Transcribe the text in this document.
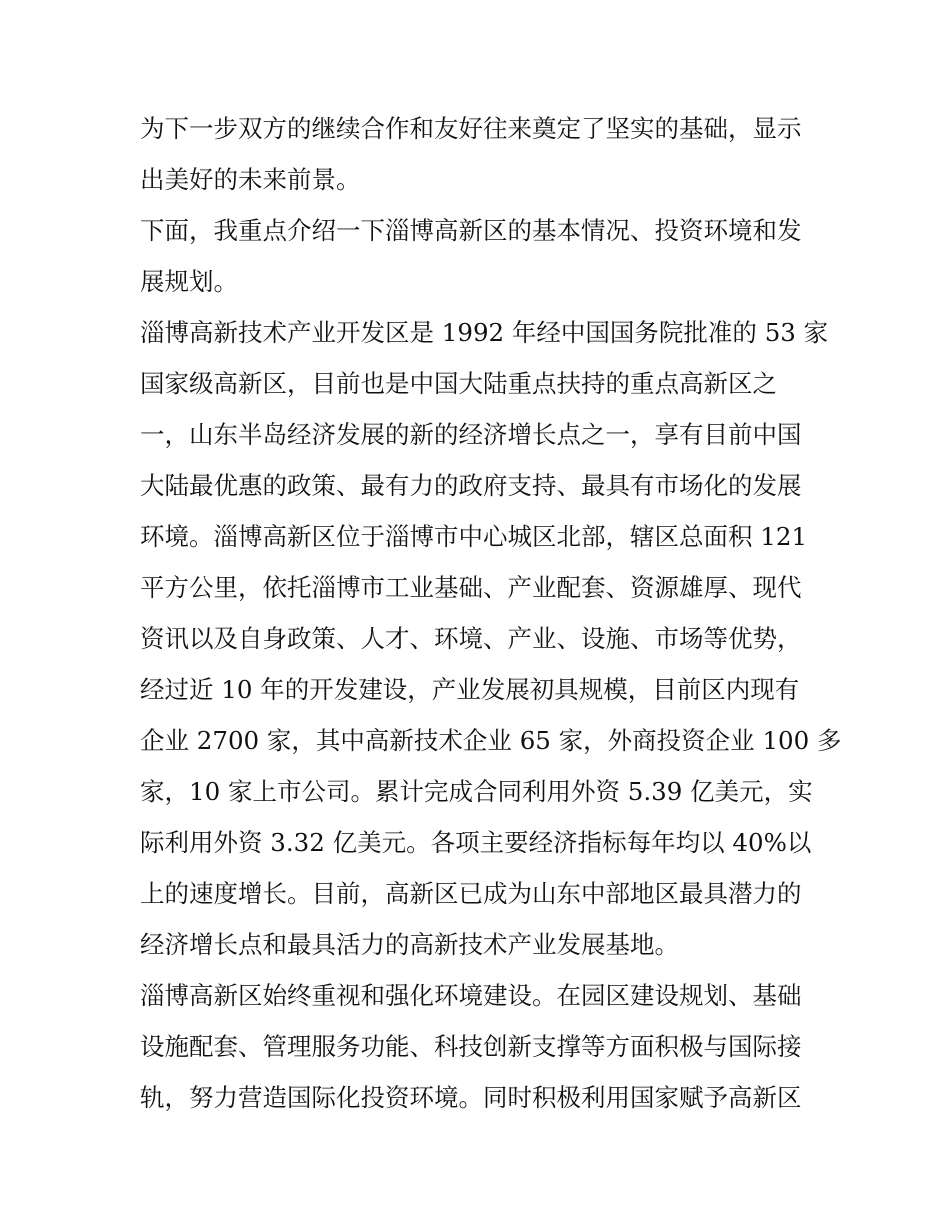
为下一步双方的继续合作和友好往来奠定了坚实的基础，显示
出美好的未来前景。
下面，我重点介绍一下淄博高新区的基本情况、投资环境和发
展规划。
淄博高新技术产业开发区是 1992 年经中国国务院批准的 53 家
国家级高新区，目前也是中国大陆重点扶持的重点高新区之
一，山东半岛经济发展的新的经济增长点之一，享有目前中国
大陆最优惠的政策、最有力的政府支持、最具有市场化的发展
环境。淄博高新区位于淄博市中心城区北部，辖区总面积 121
平方公里，依托淄博市工业基础、产业配套、资源雄厚、现代
资讯以及自身政策、人才、环境、产业、设施、市场等优势，
经过近 10 年的开发建设，产业发展初具规模，目前区内现有
企业 2700 家，其中高新技术企业 65 家，外商投资企业 100 多
家，10 家上市公司。累计完成合同利用外资 5.39 亿美元，实
际利用外资 3.32 亿美元。各项主要经济指标每年均以 40%以
上的速度增长。目前，高新区已成为山东中部地区最具潜力的
经济增长点和最具活力的高新技术产业发展基地。
淄博高新区始终重视和强化环境建设。在园区建设规划、基础
设施配套、管理服务功能、科技创新支撑等方面积极与国际接
轨，努力营造国际化投资环境。同时积极利用国家赋予高新区
